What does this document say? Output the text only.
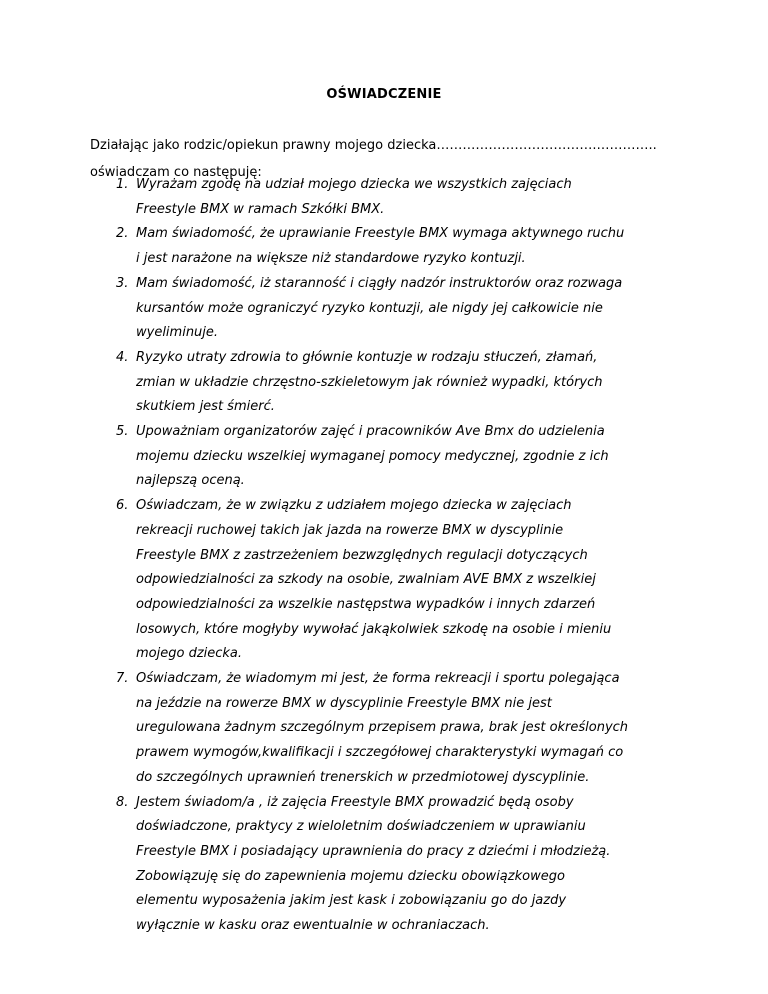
OŚWIADCZENIE

Działając jako rodzic/opiekun prawny mojego dziecka……………………………….…………..

oświadczam co następuję:

1. Wyrażam zgodę na udział mojego dziecka we wszystkich zajęciach
Freestyle BMX w ramach Szkółki BMX.
2. Mam świadomość, że uprawianie Freestyle BMX wymaga aktywnego ruchu
i jest narażone na większe niż standardowe ryzyko kontuzji.
3. Mam świadomość, iż staranność i ciągły nadzór instruktorów oraz rozwaga
kursantów może ograniczyć ryzyko kontuzji, ale nigdy jej całkowicie nie
wyeliminuje.
4. Ryzyko utraty zdrowia to głównie kontuzje w rodzaju stłuczeń, złamań,
zmian w układzie chrzęstno-szkieletowym jak również wypadki, których
skutkiem jest śmierć.
5. Upoważniam organizatorów zajęć i pracowników Ave Bmx do udzielenia
mojemu dziecku wszelkiej wymaganej pomocy medycznej, zgodnie z ich
najlepszą oceną.
6. Oświadczam, że w związku z udziałem mojego dziecka w zajęciach
rekreacji ruchowej takich jak jazda na rowerze BMX w dyscyplinie
Freestyle BMX z zastrzeżeniem bezwzględnych regulacji dotyczących
odpowiedzialności za szkody na osobie, zwalniam AVE BMX z wszelkiej
odpowiedzialności za wszelkie następstwa wypadków i innych zdarzeń
losowych, które mogłyby wywołać jakąkolwiek szkodę na osobie i mieniu
mojego dziecka.
7. Oświadczam, że wiadomym mi jest, że forma rekreacji i sportu polegająca
na jeździe na rowerze BMX w dyscyplinie Freestyle BMX nie jest
uregulowana żadnym szczególnym przepisem prawa, brak jest określonych
prawem wymogów,kwalifikacji i szczegółowej charakterystyki wymagań co
do szczególnych uprawnień trenerskich w przedmiotowej dyscyplinie.
8. Jestem świadom/a , iż zajęcia Freestyle BMX prowadzić będą osoby
doświadczone, praktycy z wieloletnim doświadczeniem w uprawianiu
Freestyle BMX i posiadający uprawnienia do pracy z dziećmi i młodzieżą.
Zobowiązuję się do zapewnienia mojemu dziecku obowiązkowego
elementu wyposażenia jakim jest kask i zobowiązaniu go do jazdy
wyłącznie w kasku oraz ewentualnie w ochraniaczach.
